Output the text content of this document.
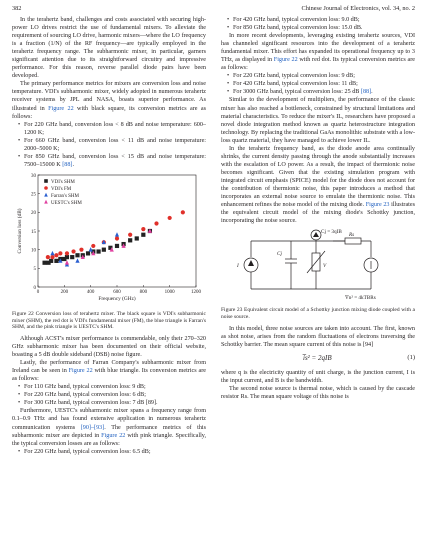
382	Chinese Journal of Electronics, vol. 34, no. 2

In the terahertz band, challenges and costs associated with securing high-power LO drives restrict the use of fundamental mixers. To alleviate the requirement of sourcing LO drive, harmonic mixers—where the LO frequency is a fraction (1/N) of the RF frequency—are typically employed in the terahertz frequency range. The subharmonic mixer, in particular, garners significant attention due to its straightforward circuitry and impressive performance. For this reason, reverse parallel diode pairs have been developed.

The primary performance metrics for mixers are conversion loss and noise temperature. VDI's subharmonic mixer, widely adopted in numerous terahertz receiver systems by JPL and NASA, boasts superior performance. As illustrated in Figure 22 with black square, its conversion metrics are as follows:

• For 220 GHz band, conversion loss < 8 dB and noise temperature: 600–1200 K;
• For 660 GHz band, conversion loss < 11 dB and noise temperature: 2000–5000 K;
• For 850 GHz band, conversion loss < 15 dB and noise temperature: 7500–15000 K [88].
0	200	400	600	800	1000	1200
0
5
10
15
20
25
30
Frequency (GHz)
Conversion loss (dB)
VDI's SHM
VDI's FM
Farran's SHM
UESTC's SHM
Figure 22 Conversion loss of terahertz mixer. The black square is VDI's subharmonic mixer (SHM), the red dot is VDI's fundamental mixer (FM), the blue triangle is Farran's SHM, and the pink triangle is UESTC's SHM.

Although ACST's mixer performance is commendable, only their 270–320 GHz subharmonic mixer has been documented on their official website, boasting a 5 dB double sideband (DSB) noise figure.

Lastly, the performance of Farran Company's subharmonic mixer from Ireland can be seen in Figure 22 with blue triangle. Its conversion metrics are as follows:

• For 110 GHz band, typical conversion loss: 9 dB;
• For 220 GHz band, typical conversion loss: 6 dB;
• For 300 GHz band, typical conversion loss: 7 dB [89].

Furthermore, UESTC's subharmonic mixer spans a frequency range from 0.1–0.9 THz and has found extensive application in numerous terahertz communication systems [90]–[93]. The performance metrics of this subharmonic mixer are depicted in Figure 22 with pink triangle. Specifically, the typical conversion losses are as follows:

• For 220 GHz band, typical conversion loss: 6.5 dB;
• For 420 GHz band, typical conversion loss: 9.0 dB;
• For 850 GHz band, typical conversion loss: 15.0 dB.

In more recent developments, leveraging existing terahertz sources, VDI has channeled significant resources into the development of a terahertz fundamental mixer. This effort has expanded its operational frequency up to 3 THz, as displayed in Figure 22 with red dot. Its typical conversion metrics are as follows:

• For 220 GHz band, typical conversion loss: 9 dB;
• For 420 GHz band, typical conversion loss: 11 dB;
• For 3000 GHz band, typical conversion loss: 25 dB [88].

Similar to the development of multipliers, the performance of the classic mixer has also reached a bottleneck, constrained by structural limitations and material characteristics. To reduce the mixer's IL, researchers have proposed a novel diode integration method known as quartz heterostructure integration technology. By replacing the traditional GaAs monolithic substrate with a low-loss quartz material, they have managed to achieve lower IL.

In the terahertz frequency band, as the diode anode area continually shrinks, the current density passing through the anode substantially increases with the escalation of LO power. As a result, the impact of thermionic noise becomes significant. Given that the existing simulation program with integrated circuit emphasis (SPICE) model for the diode does not account for the contribution of thermionic noise, this paper introduces a method that incorporates an external noise source to emulate the thermionic noise. This enhancement refines the noise model of the mixing diode. Figure 23 illustrates the equivalent circuit model of the mixing diode's Schottky junction, incorporating the noise source.

Cj = 3qIB
I
Cj
V
Rs
V̅n² = 4kTBRs
Figure 23 Equivalent circuit model of a Schottky junction mixing diode coupled with a noise source.

In this model, three noise sources are taken into account. The first, known as shot noise, arises from the random fluctuations of electrons traversing the Schottky barrier. The mean square current of this noise is [94]

i̅s² = 2qIB	(1)

where q is the electricity quantity of unit charge, is the junction current, I is the input current, and B is the bandwidth.

The second noise source is thermal noise, which is caused by the cascade resistor Rs. The mean square voltage of this noise is
